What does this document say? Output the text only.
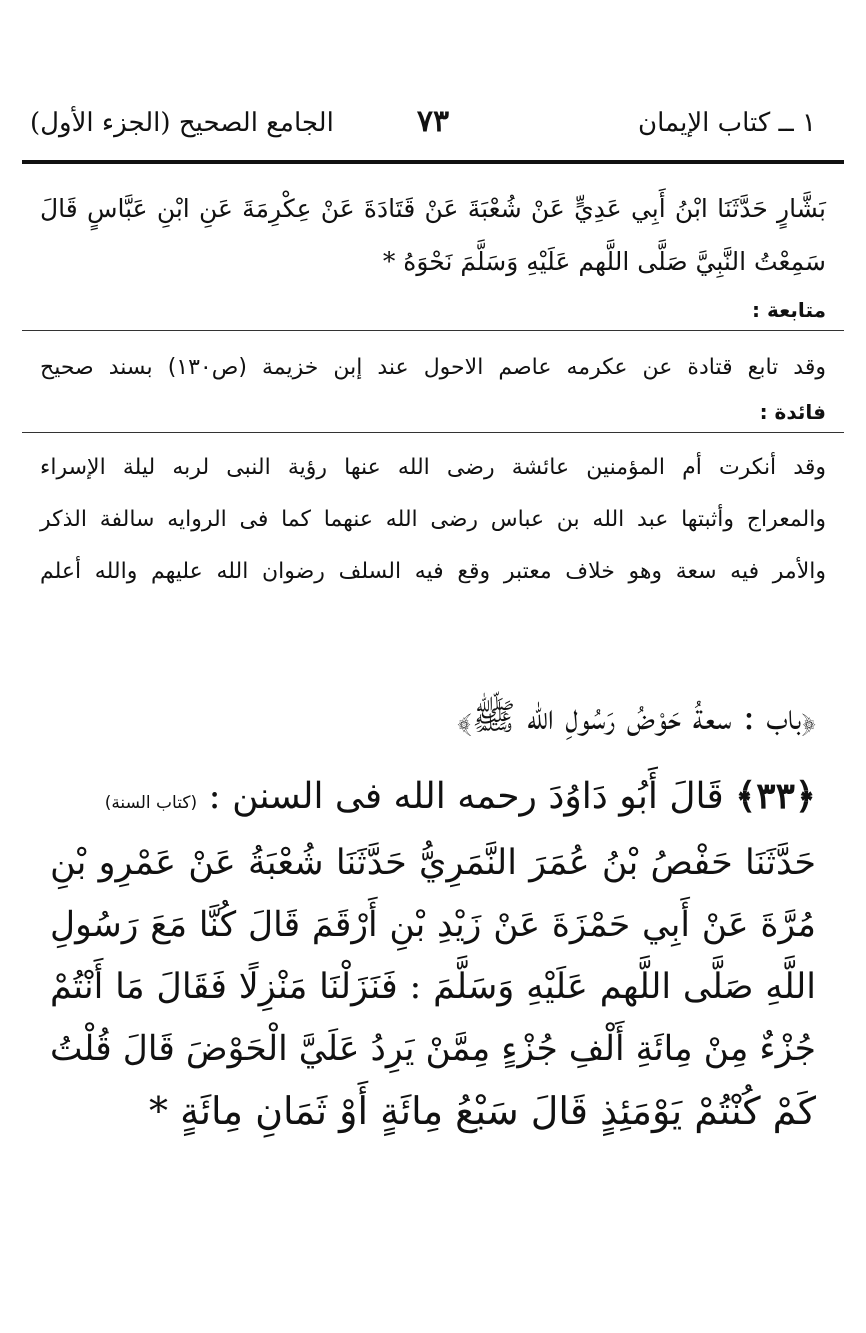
١ ــ كتاب الإيمان
٧٣
الجامع الصحيح (الجزء الأول)
بَشَّارٍ حَدَّثَنَا ابْنُ أَبِي عَدِيٍّ عَنْ شُعْبَةَ عَنْ قَتَادَةَ عَنْ عِكْرِمَةَ عَنِ ابْنِ عَبَّاسٍ قَالَ
سَمِعْتُ النَّبِيَّ صَلَّى اللَّهم عَلَيْهِ وَسَلَّمَ نَحْوَهُ *
متابعة :
وقد تابع قتادة عن عكرمه عاصم الاحول عند إبن خزيمة (ص١٣٠) بسند صحيح
فائدة :
وقد أنكرت أم المؤمنين عائشة رضى الله عنها رؤية النبى لربه ليلة الإسراء
والمعراج وأثبتها عبد الله بن عباس رضى الله عنهما كما فى الروايه سالفة الذكر
والأمر فيه سعة وهو خلاف معتبر وقع فيه السلف رضوان الله عليهم والله أعلم
﴿باب : سعةُ حَوْضُ رَسُولِ الله ﷺ﴾
﴿٣٣﴾ قَالَ أَبُو دَاوُدَ رحمه الله فى السنن : (كتاب السنة)
حَدَّثَنَا حَفْصُ بْنُ عُمَرَ النَّمَرِيُّ حَدَّثَنَا شُعْبَةُ عَنْ عَمْرِو بْنِ
مُرَّةَ عَنْ أَبِي حَمْزَةَ عَنْ زَيْدِ بْنِ أَرْقَمَ قَالَ كُنَّا مَعَ رَسُولِ
اللَّهِ صَلَّى اللَّهم عَلَيْهِ وَسَلَّمَ : فَنَزَلْنَا مَنْزِلًا فَقَالَ مَا أَنْتُمْ
جُزْءٌ مِنْ مِائَةِ أَلْفِ جُزْءٍ مِمَّنْ يَرِدُ عَلَيَّ الْحَوْضَ قَالَ قُلْتُ
كَمْ كُنْتُمْ يَوْمَئِذٍ قَالَ سَبْعُ مِائَةٍ أَوْ ثَمَانِ مِائَةٍ *
